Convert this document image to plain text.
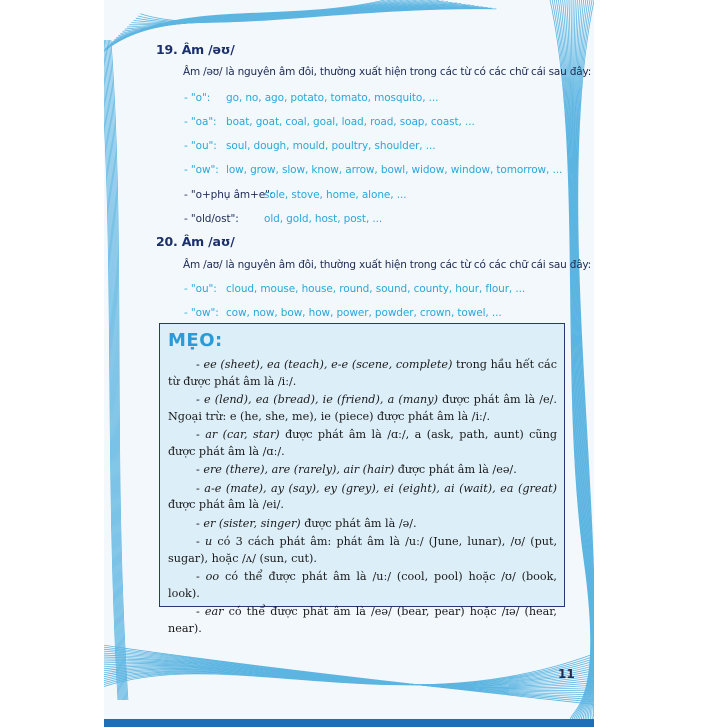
19. Âm /əʊ/
Âm /əʊ/ là nguyên âm đôi, thường xuất hiện trong các từ có các chữ cái sau đây:
- "o": go, no, ago, potato, tomato, mosquito, ...
- "oa": boat, goat, coal, goal, load, road, soap, coast, ...
- "ou": soul, dough, mould, poultry, shoulder, ...
- "ow": low, grow, slow, know, arrow, bowl, widow, window, tomorrow, ...
- "o+phụ âm+e":sole, stove, home, alone, ...
- "old/ost": old, gold, host, post, ...
20. Âm /aʊ/
Âm /aʊ/ là nguyên âm đôi, thường xuất hiện trong các từ có các chữ cái sau đây:
- "ou": cloud, mouse, house, round, sound, county, hour, flour, ...
- "ow": cow, now, bow, how, power, powder, crown, towel, ...
MẸO:
- ee (sheet), ea (teach), e-e (scene, complete) trong hầu hết các từ được phát âm là /iː/.
- e (lend), ea (bread), ie (friend), a (many) được phát âm là /e/. Ngoại trừ: e (he, she, me), ie (piece) được phát âm là /iː/.
- ar (car, star) được phát âm là /ɑː/, a (ask, path, aunt) cũng được phát âm là /ɑː/.
- ere (there), are (rarely), air (hair) được phát âm là /eə/.
- a-e (mate), ay (say), ey (grey), ei (eight), ai (wait), ea (great) được phát âm là /ei/.
- er (sister, singer) được phát âm là /ə/.
- u có 3 cách phát âm: phát âm là /uː/ (June, lunar), /ʊ/ (put, sugar), hoặc /ʌ/ (sun, cut).
- oo có thể được phát âm là /uː/ (cool, pool) hoặc /ʊ/ (book, look).
- ear có thể được phát âm là /eə/ (bear, pear) hoặc /ɪə/ (hear, near).
11
